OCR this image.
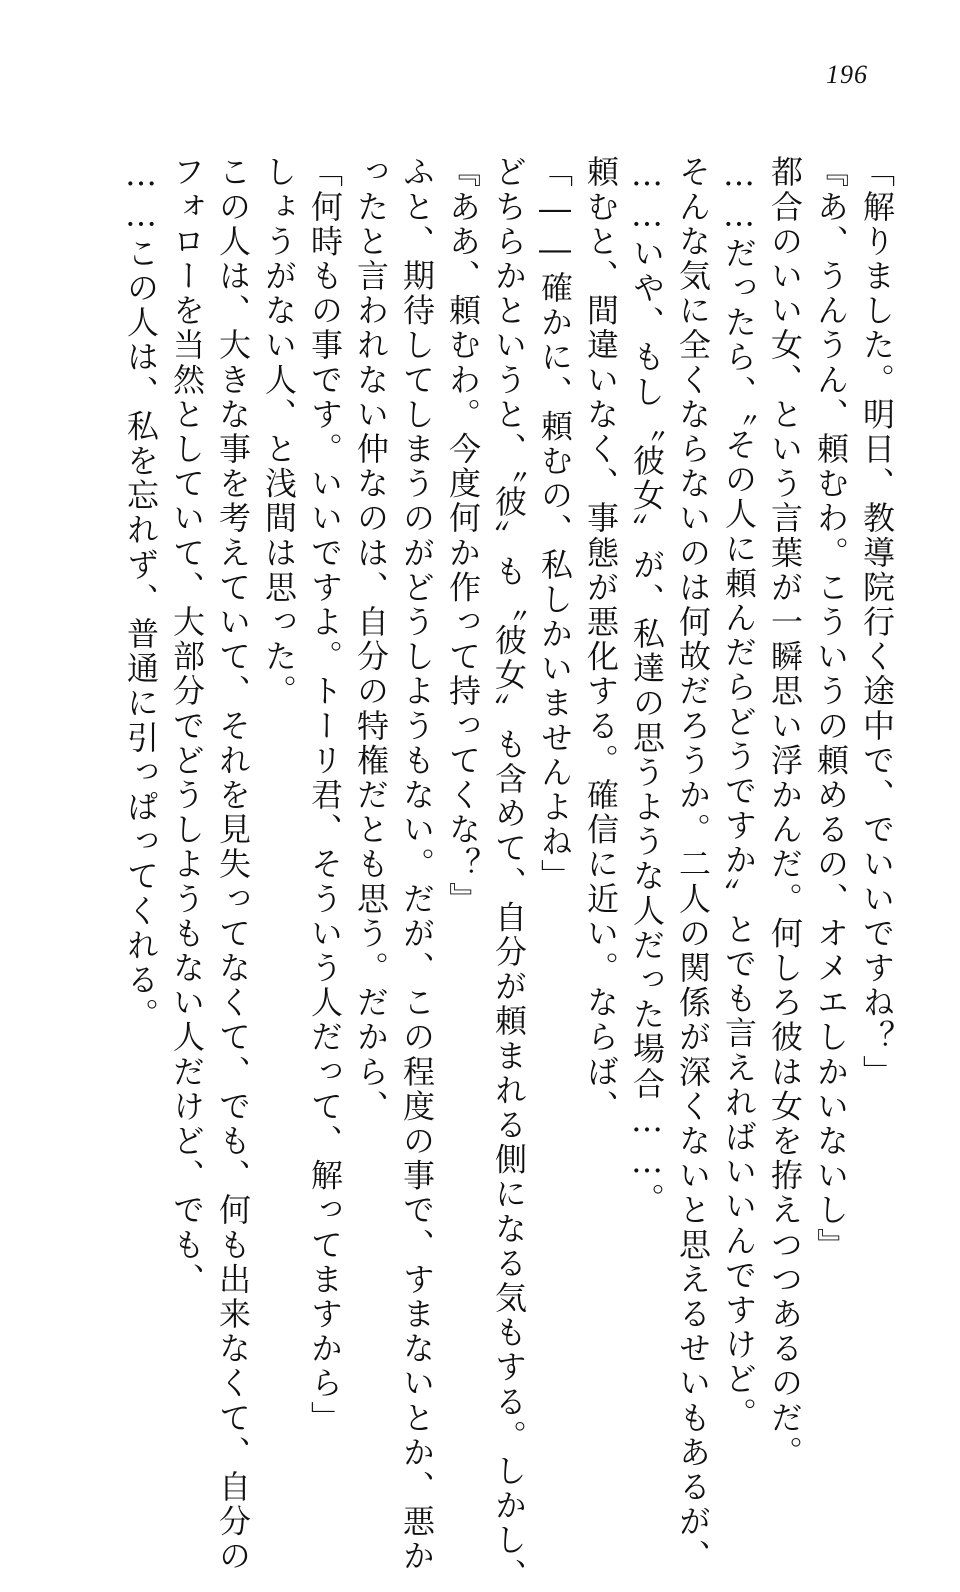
196

「解りました。明日、教導院行く途中で、でいいですね？」

『あ、うんうん、頼むわ。こういうの頼めるの、オメエしかいないし』

都合のいい女、という言葉が一瞬思い浮かんだ。何しろ彼は女を拵えつつあるのだ。

……だったら、〝その人に頼んだらどうですか〟とでも言えればいいんですけど。

そんな気に全くならないのは何故だろうか。二人の関係が深くないと思えるせいもあるが、

……いや、もし〝彼女〟が、私達の思うような人だった場合……。

頼むと、間違いなく、事態が悪化する。確信に近い。ならば、

「――確かに、頼むの、私しかいませんよね」

どちらかというと、〝彼〟も〝彼女〟も含めて、自分が頼まれる側になる気もする。しかし、

『ああ、頼むわ。今度何か作って持ってくな？』

ふと、期待してしまうのがどうしようもない。だが、この程度の事で、すまないとか、悪か

ったと言われない仲なのは、自分の特権だとも思う。だから、

「何時もの事です。いいですよ。トーリ君、そういう人だって、解ってますから」

しょうがない人、と浅間は思った。

この人は、大きな事を考えていて、それを見失ってなくて、でも、何も出来なくて、自分の

フォローを当然としていて、大部分でどうしようもない人だけど、でも、

……この人は、私を忘れず、普通に引っぱってくれる。
